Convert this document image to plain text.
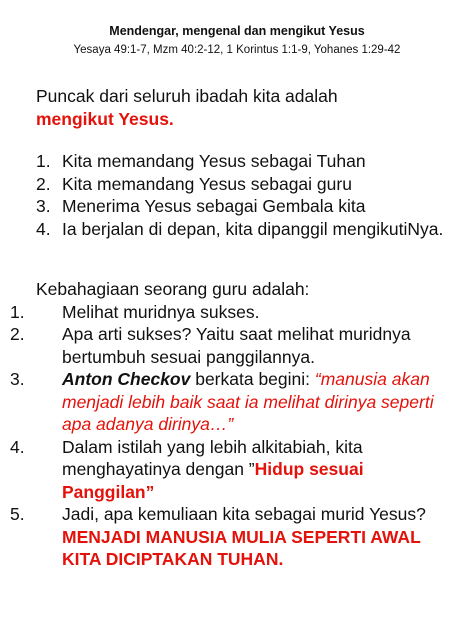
Mendengar, mengenal dan mengikut Yesus
Yesaya 49:1-7, Mzm 40:2-12, 1 Korintus 1:1-9, Yohanes 1:29-42
Puncak dari seluruh ibadah kita adalah
mengikut Yesus.
1. Kita memandang Yesus sebagai Tuhan
2. Kita memandang Yesus sebagai guru
3. Menerima Yesus sebagai Gembala kita
4. Ia berjalan di depan, kita dipanggil mengikutiNya.
Kebahagiaan seorang guru adalah:
1. Melihat muridnya sukses.
2. Apa arti sukses? Yaitu saat melihat muridnya bertumbuh sesuai panggilannya.
3. Anton Checkov berkata begini: “manusia akan menjadi lebih baik saat ia melihat dirinya seperti apa adanya dirinya…”
4. Dalam istilah yang lebih alkitabiah, kita menghayatinya dengan ”Hidup sesuai Panggilan”
5. Jadi, apa kemuliaan kita sebagai murid Yesus? MENJADI MANUSIA MULIA SEPERTI AWAL KITA DICIPTAKAN TUHAN.
